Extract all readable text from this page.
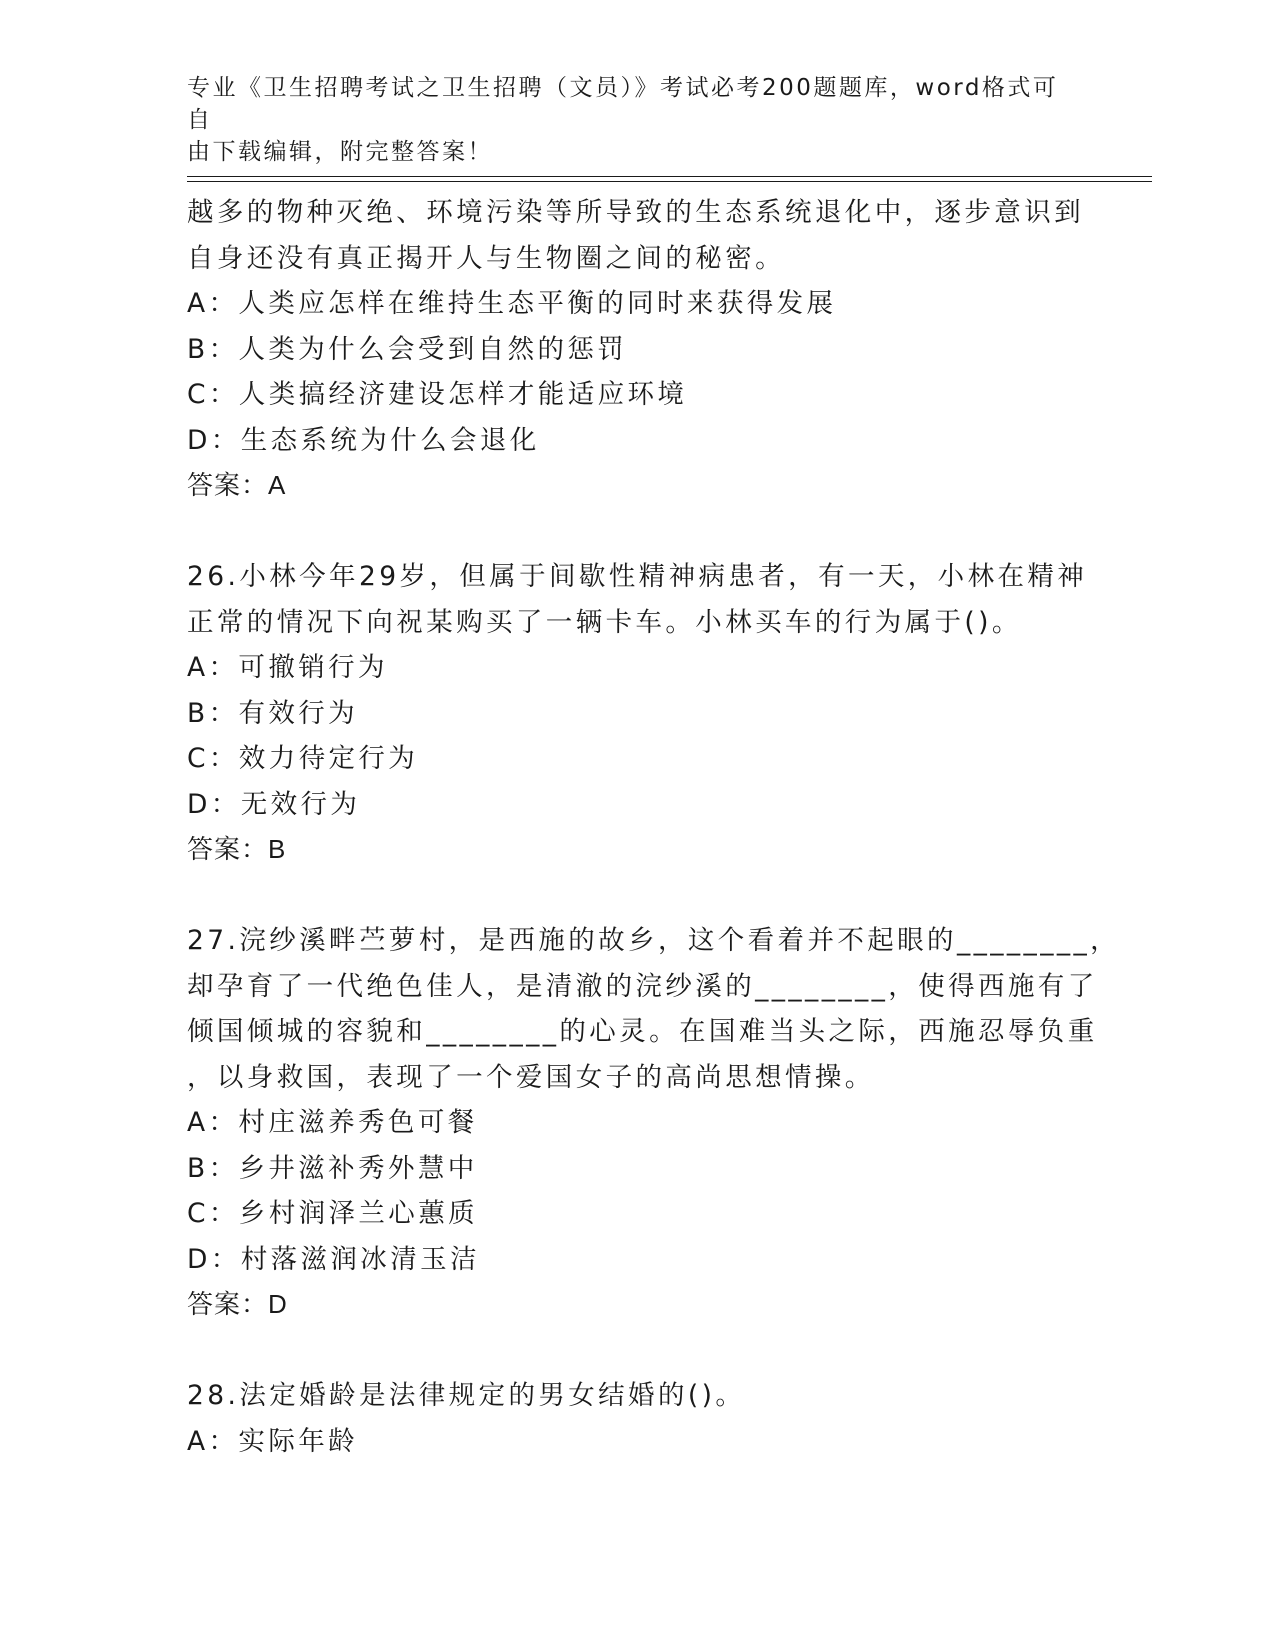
专业《卫生招聘考试之卫生招聘（文员）》考试必考200题题库，word格式可自
由下载编辑，附完整答案！
越多的物种灭绝、环境污染等所导致的生态系统退化中，逐步意识到
自身还没有真正揭开人与生物圈之间的秘密。
A：人类应怎样在维持生态平衡的同时来获得发展
B：人类为什么会受到自然的惩罚
C：人类搞经济建设怎样才能适应环境
D：生态系统为什么会退化
答案：A
26.小林今年29岁，但属于间歇性精神病患者，有一天，小林在精神
正常的情况下向祝某购买了一辆卡车。小林买车的行为属于()。
A：可撤销行为
B：有效行为
C：效力待定行为
D：无效行为
答案：B
27.浣纱溪畔苎萝村，是西施的故乡，这个看着并不起眼的________，
却孕育了一代绝色佳人，是清澈的浣纱溪的________，使得西施有了
倾国倾城的容貌和________的心灵。在国难当头之际，西施忍辱负重
，以身救国，表现了一个爱国女子的高尚思想情操。
A：村庄滋养秀色可餐
B：乡井滋补秀外慧中
C：乡村润泽兰心蕙质
D：村落滋润冰清玉洁
答案：D
28.法定婚龄是法律规定的男女结婚的()。
A：实际年龄
